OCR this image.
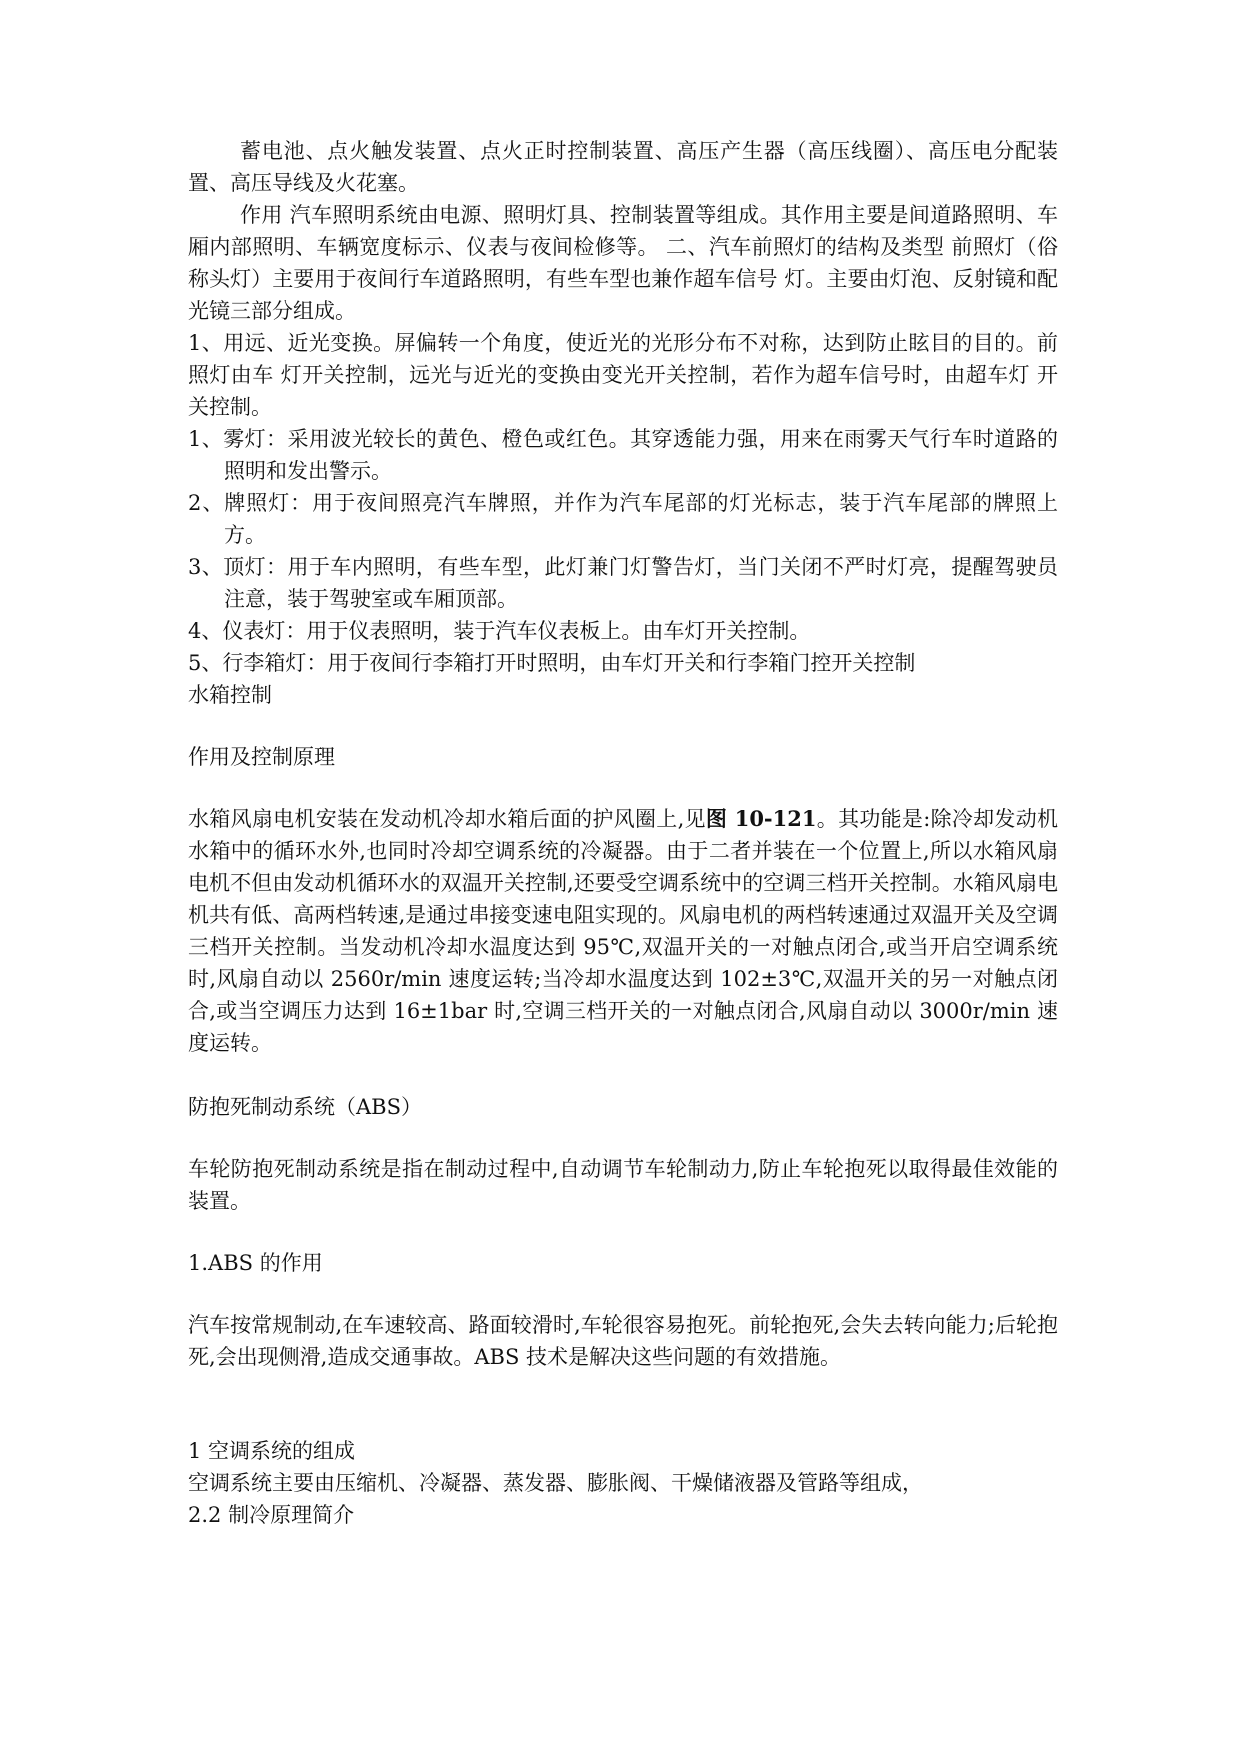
蓄电池、点火触发装置、点火正时控制装置、高压产生器（高压线圈）、高压电分配装置、高压导线及火花塞。

作用 汽车照明系统由电源、照明灯具、控制装置等组成。其作用主要是间道路照明、车厢内部照明、车辆宽度标示、仪表与夜间检修等。 二、汽车前照灯的结构及类型 前照灯（俗称头灯）主要用于夜间行车道路照明，有些车型也兼作超车信号 灯。主要由灯泡、反射镜和配光镜三部分组成。

1、用远、近光变换。屏偏转一个角度，使近光的光形分布不对称，达到防止眩目的目的。前照灯由车 灯开关控制，远光与近光的变换由变光开关控制，若作为超车信号时，由超车灯 开关控制。

1、雾灯：采用波光较长的黄色、橙色或红色。其穿透能力强，用来在雨雾天气行车时道路的照明和发出警示。

2、牌照灯：用于夜间照亮汽车牌照，并作为汽车尾部的灯光标志，装于汽车尾部的牌照上方。

3、顶灯：用于车内照明，有些车型，此灯兼门灯警告灯，当门关闭不严时灯亮，提醒驾驶员注意，装于驾驶室或车厢顶部。

4、仪表灯：用于仪表照明，装于汽车仪表板上。由车灯开关控制。

5、行李箱灯：用于夜间行李箱打开时照明，由车灯开关和行李箱门控开关控制

水箱控制

作用及控制原理

水箱风扇电机安装在发动机冷却水箱后面的护风圈上,见图 10-121。其功能是:除冷却发动机水箱中的循环水外,也同时冷却空调系统的冷凝器。由于二者并装在一个位置上,所以水箱风扇电机不但由发动机循环水的双温开关控制,还要受空调系统中的空调三档开关控制。水箱风扇电机共有低、高两档转速,是通过串接变速电阻实现的。风扇电机的两档转速通过双温开关及空调三档开关控制。当发动机冷却水温度达到 95℃,双温开关的一对触点闭合,或当开启空调系统时,风扇自动以 2560r/min 速度运转;当冷却水温度达到 102±3℃,双温开关的另一对触点闭合,或当空调压力达到 16±1bar 时,空调三档开关的一对触点闭合,风扇自动以 3000r/min 速度运转。

防抱死制动系统（ABS）

车轮防抱死制动系统是指在制动过程中,自动调节车轮制动力,防止车轮抱死以取得最佳效能的装置。

1.ABS 的作用

汽车按常规制动,在车速较高、路面较滑时,车轮很容易抱死。前轮抱死,会失去转向能力;后轮抱死,会出现侧滑,造成交通事故。ABS 技术是解决这些问题的有效措施。

1 空调系统的组成

空调系统主要由压缩机、冷凝器、蒸发器、膨胀阀、干燥储液器及管路等组成，

2.2 制冷原理简介
